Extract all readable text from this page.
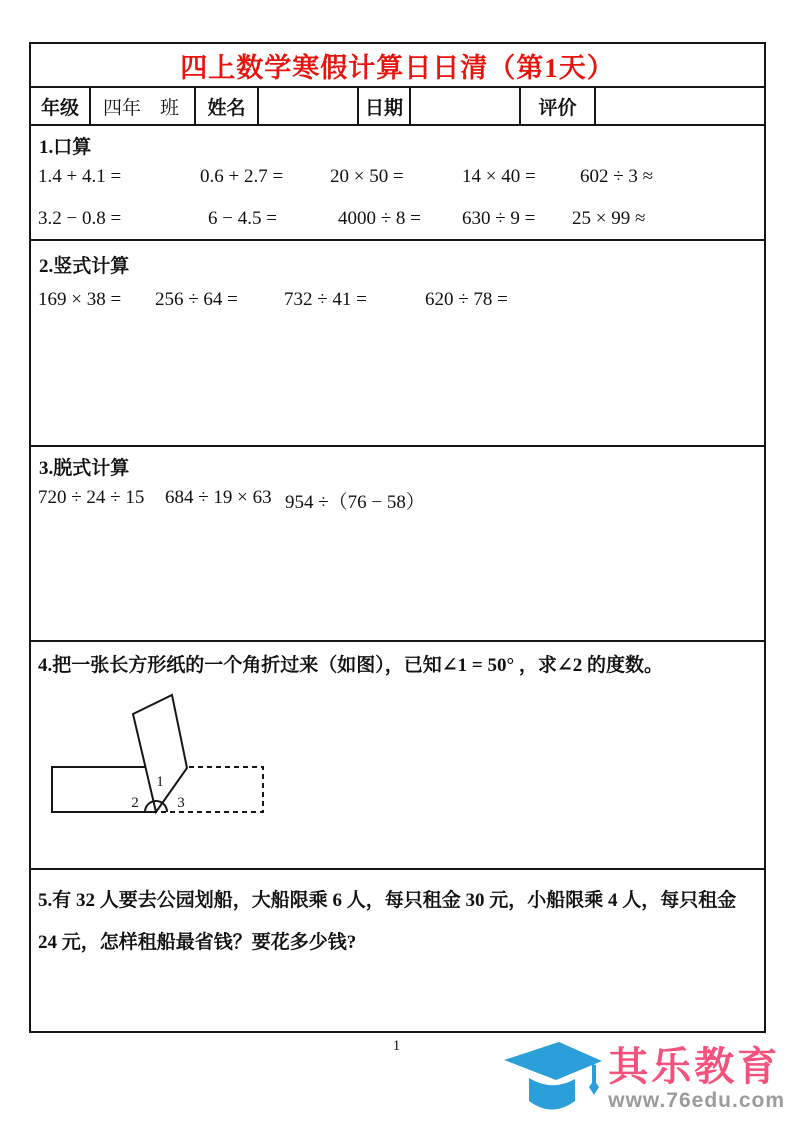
四上数学寒假计算日日清（第1天）
年级	四年　班	姓名	日期	评价
1.口算
1.4 + 4.1 =	0.6 + 2.7 = 20 × 50 =	14 × 40 = 602 ÷ 3 ≈
3.2 − 0.8 =	6 − 4.5 =	4000 ÷ 8 = 630 ÷ 9 = 25 × 99 ≈
2.竖式计算
169 × 38 = 256 ÷ 64 = 732 ÷ 41 =	620 ÷ 78 =
3.脱式计算
720 ÷ 24 ÷ 15 684 ÷ 19 × 63 954 ÷（76 − 58）
4.把一张长方形纸的一个角折过来（如图），已知∠1 = 50° ，求∠2 的度数。
1
2	3
5.有 32 人要去公园划船，大船限乘 6 人，每只租金 30 元，小船限乘 4 人，每只租金 24 元，怎样租船最省钱？要花多少钱?
1	其乐教育
www.76edu.com
